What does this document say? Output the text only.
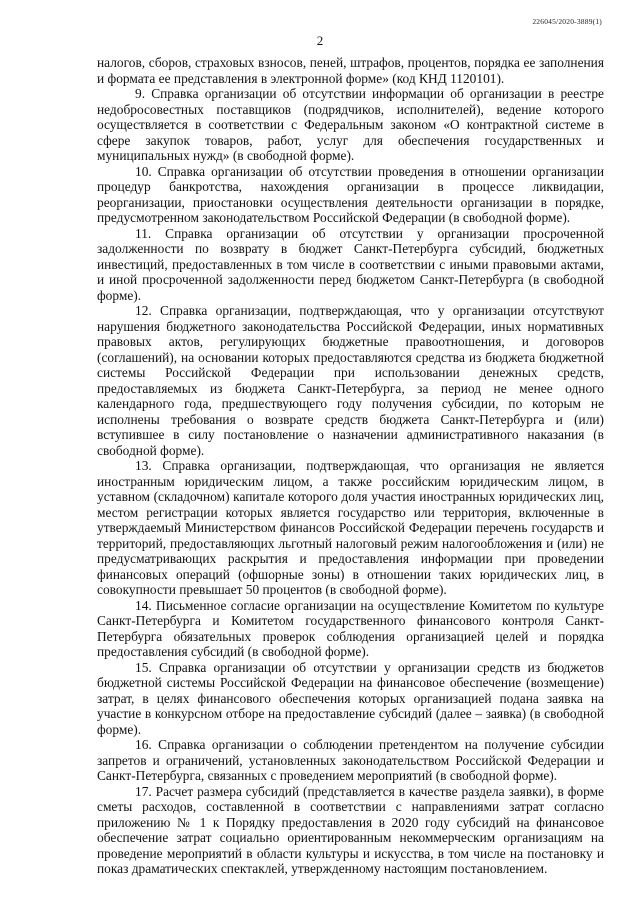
226045/2020-3889(1)
2

налогов, сборов, страховых взносов, пеней, штрафов, процентов, порядка ее заполнения и формата ее представления в электронной форме» (код КНД 1120101).

9. Справка организации об отсутствии информации об организации в реестре недобросовестных поставщиков (подрядчиков, исполнителей), ведение которого осуществляется в соответствии с Федеральным законом «О контрактной системе в сфере закупок товаров, работ, услуг для обеспечения государственных и муниципальных нужд» (в свободной форме).

10. Справка организации об отсутствии проведения в отношении организации процедур банкротства, нахождения организации в процессе ликвидации, реорганизации, приостановки осуществления деятельности организации в порядке, предусмотренном законодательством Российской Федерации (в свободной форме).

11. Справка организации об отсутствии у организации просроченной задолженности по возврату в бюджет Санкт-Петербурга субсидий, бюджетных инвестиций, предоставленных в том числе в соответствии с иными правовыми актами, и иной просроченной задолженности перед бюджетом Санкт-Петербурга (в свободной форме).

12. Справка организации, подтверждающая, что у организации отсутствуют нарушения бюджетного законодательства Российской Федерации, иных нормативных правовых актов, регулирующих бюджетные правоотношения, и договоров (соглашений), на основании которых предоставляются средства из бюджета бюджетной системы Российской Федерации при использовании денежных средств, предоставляемых из бюджета Санкт-Петербурга, за период не менее одного календарного года, предшествующего году получения субсидии, по которым не исполнены требования о возврате средств бюджета Санкт-Петербурга и (или) вступившее в силу постановление о назначении административного наказания (в свободной форме).

13. Справка организации, подтверждающая, что организация не является иностранным юридическим лицом, а также российским юридическим лицом, в уставном (складочном) капитале которого доля участия иностранных юридических лиц, местом регистрации которых является государство или территория, включенные в утверждаемый Министерством финансов Российской Федерации перечень государств и территорий, предоставляющих льготный налоговый режим налогообложения и (или) не предусматривающих раскрытия и предоставления информации при проведении финансовых операций (офшорные зоны) в отношении таких юридических лиц, в совокупности превышает 50 процентов (в свободной форме).

14. Письменное согласие организации на осуществление Комитетом по культуре Санкт-Петербурга и Комитетом государственного финансового контроля Санкт-Петербурга обязательных проверок соблюдения организацией целей и порядка предоставления субсидий (в свободной форме).

15. Справка организации об отсутствии у организации средств из бюджетов бюджетной системы Российской Федерации на финансовое обеспечение (возмещение) затрат, в целях финансового обеспечения которых организацией подана заявка на участие в конкурсном отборе на предоставление субсидий (далее – заявка) (в свободной форме).

16. Справка организации о соблюдении претендентом на получение субсидии запретов и ограничений, установленных законодательством Российской Федерации и Санкт-Петербурга, связанных с проведением мероприятий (в свободной форме).

17. Расчет размера субсидий (представляется в качестве раздела заявки), в форме сметы расходов, составленной в соответствии с направлениями затрат согласно приложению № 1 к Порядку предоставления в 2020 году субсидий на финансовое обеспечение затрат социально ориентированным некоммерческим организациям на проведение мероприятий в области культуры и искусства, в том числе на постановку и показ драматических спектаклей, утвержденному настоящим постановлением.
